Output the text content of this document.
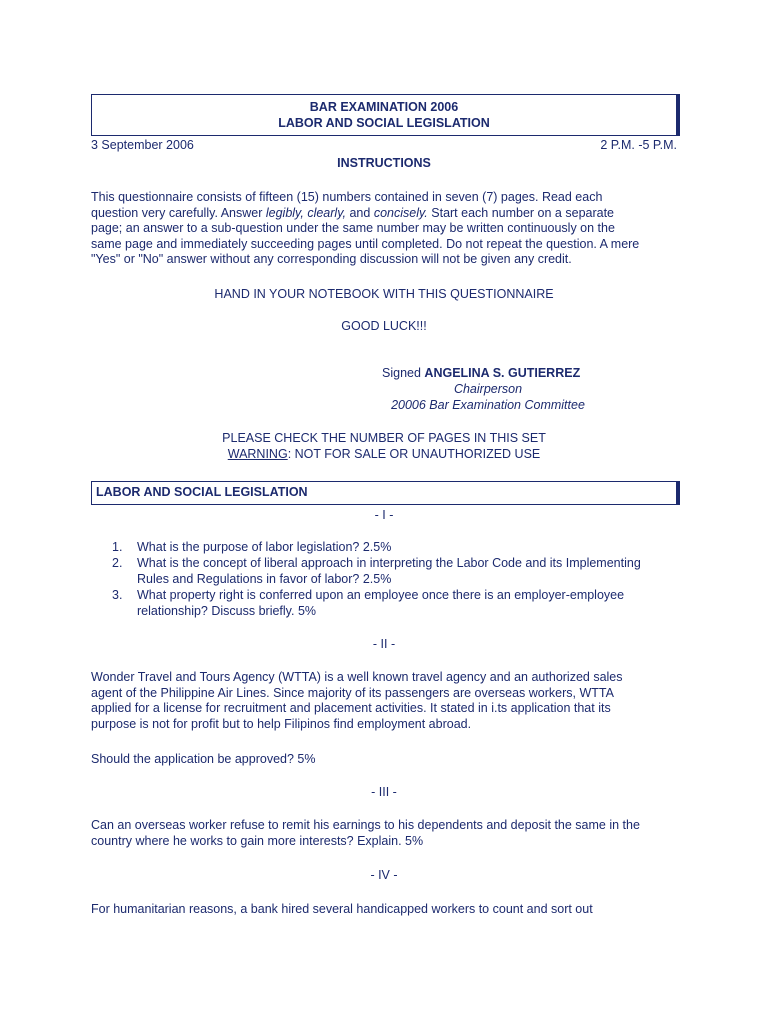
BAR EXAMINATION 2006
LABOR AND SOCIAL LEGISLATION
3 September 2006	2 P.M. -5 P.M.
INSTRUCTIONS
This questionnaire consists of fifteen (15) numbers contained in seven (7) pages. Read each
question very carefully. Answer legibly, clearly, and concisely. Start each number on a separate
page; an answer to a sub-question under the same number may be written continuously on the
same page and immediately succeeding pages until completed. Do not repeat the question. A mere
"Yes" or "No" answer without any corresponding discussion will not be given any credit.
HAND IN YOUR NOTEBOOK WITH THIS QUESTIONNAIRE
GOOD LUCK!!!
Signed ANGELINA S. GUTIERREZ
Chairperson
20006 Bar Examination Committee
PLEASE CHECK THE NUMBER OF PAGES IN THIS SET
WARNING: NOT FOR SALE OR UNAUTHORIZED USE
LABOR AND SOCIAL LEGISLATION
- I -
1. What is the purpose of labor legislation? 2.5%
2. What is the concept of liberal approach in interpreting the Labor Code and its Implementing
Rules and Regulations in favor of labor? 2.5%
3. What property right is conferred upon an employee once there is an employer-employee
relationship? Discuss briefly. 5%
- II -
Wonder Travel and Tours Agency (WTTA) is a well known travel agency and an authorized sales
agent of the Philippine Air Lines. Since majority of its passengers are overseas workers, WTTA
applied for a license for recruitment and placement activities. It stated in i.ts application that its
purpose is not for profit but to help Filipinos find employment abroad.
Should the application be approved? 5%
- III -
Can an overseas worker refuse to remit his earnings to his dependents and deposit the same in the
country where he works to gain more interests? Explain. 5%
- IV -
For humanitarian reasons, a bank hired several handicapped workers to count and sort out
